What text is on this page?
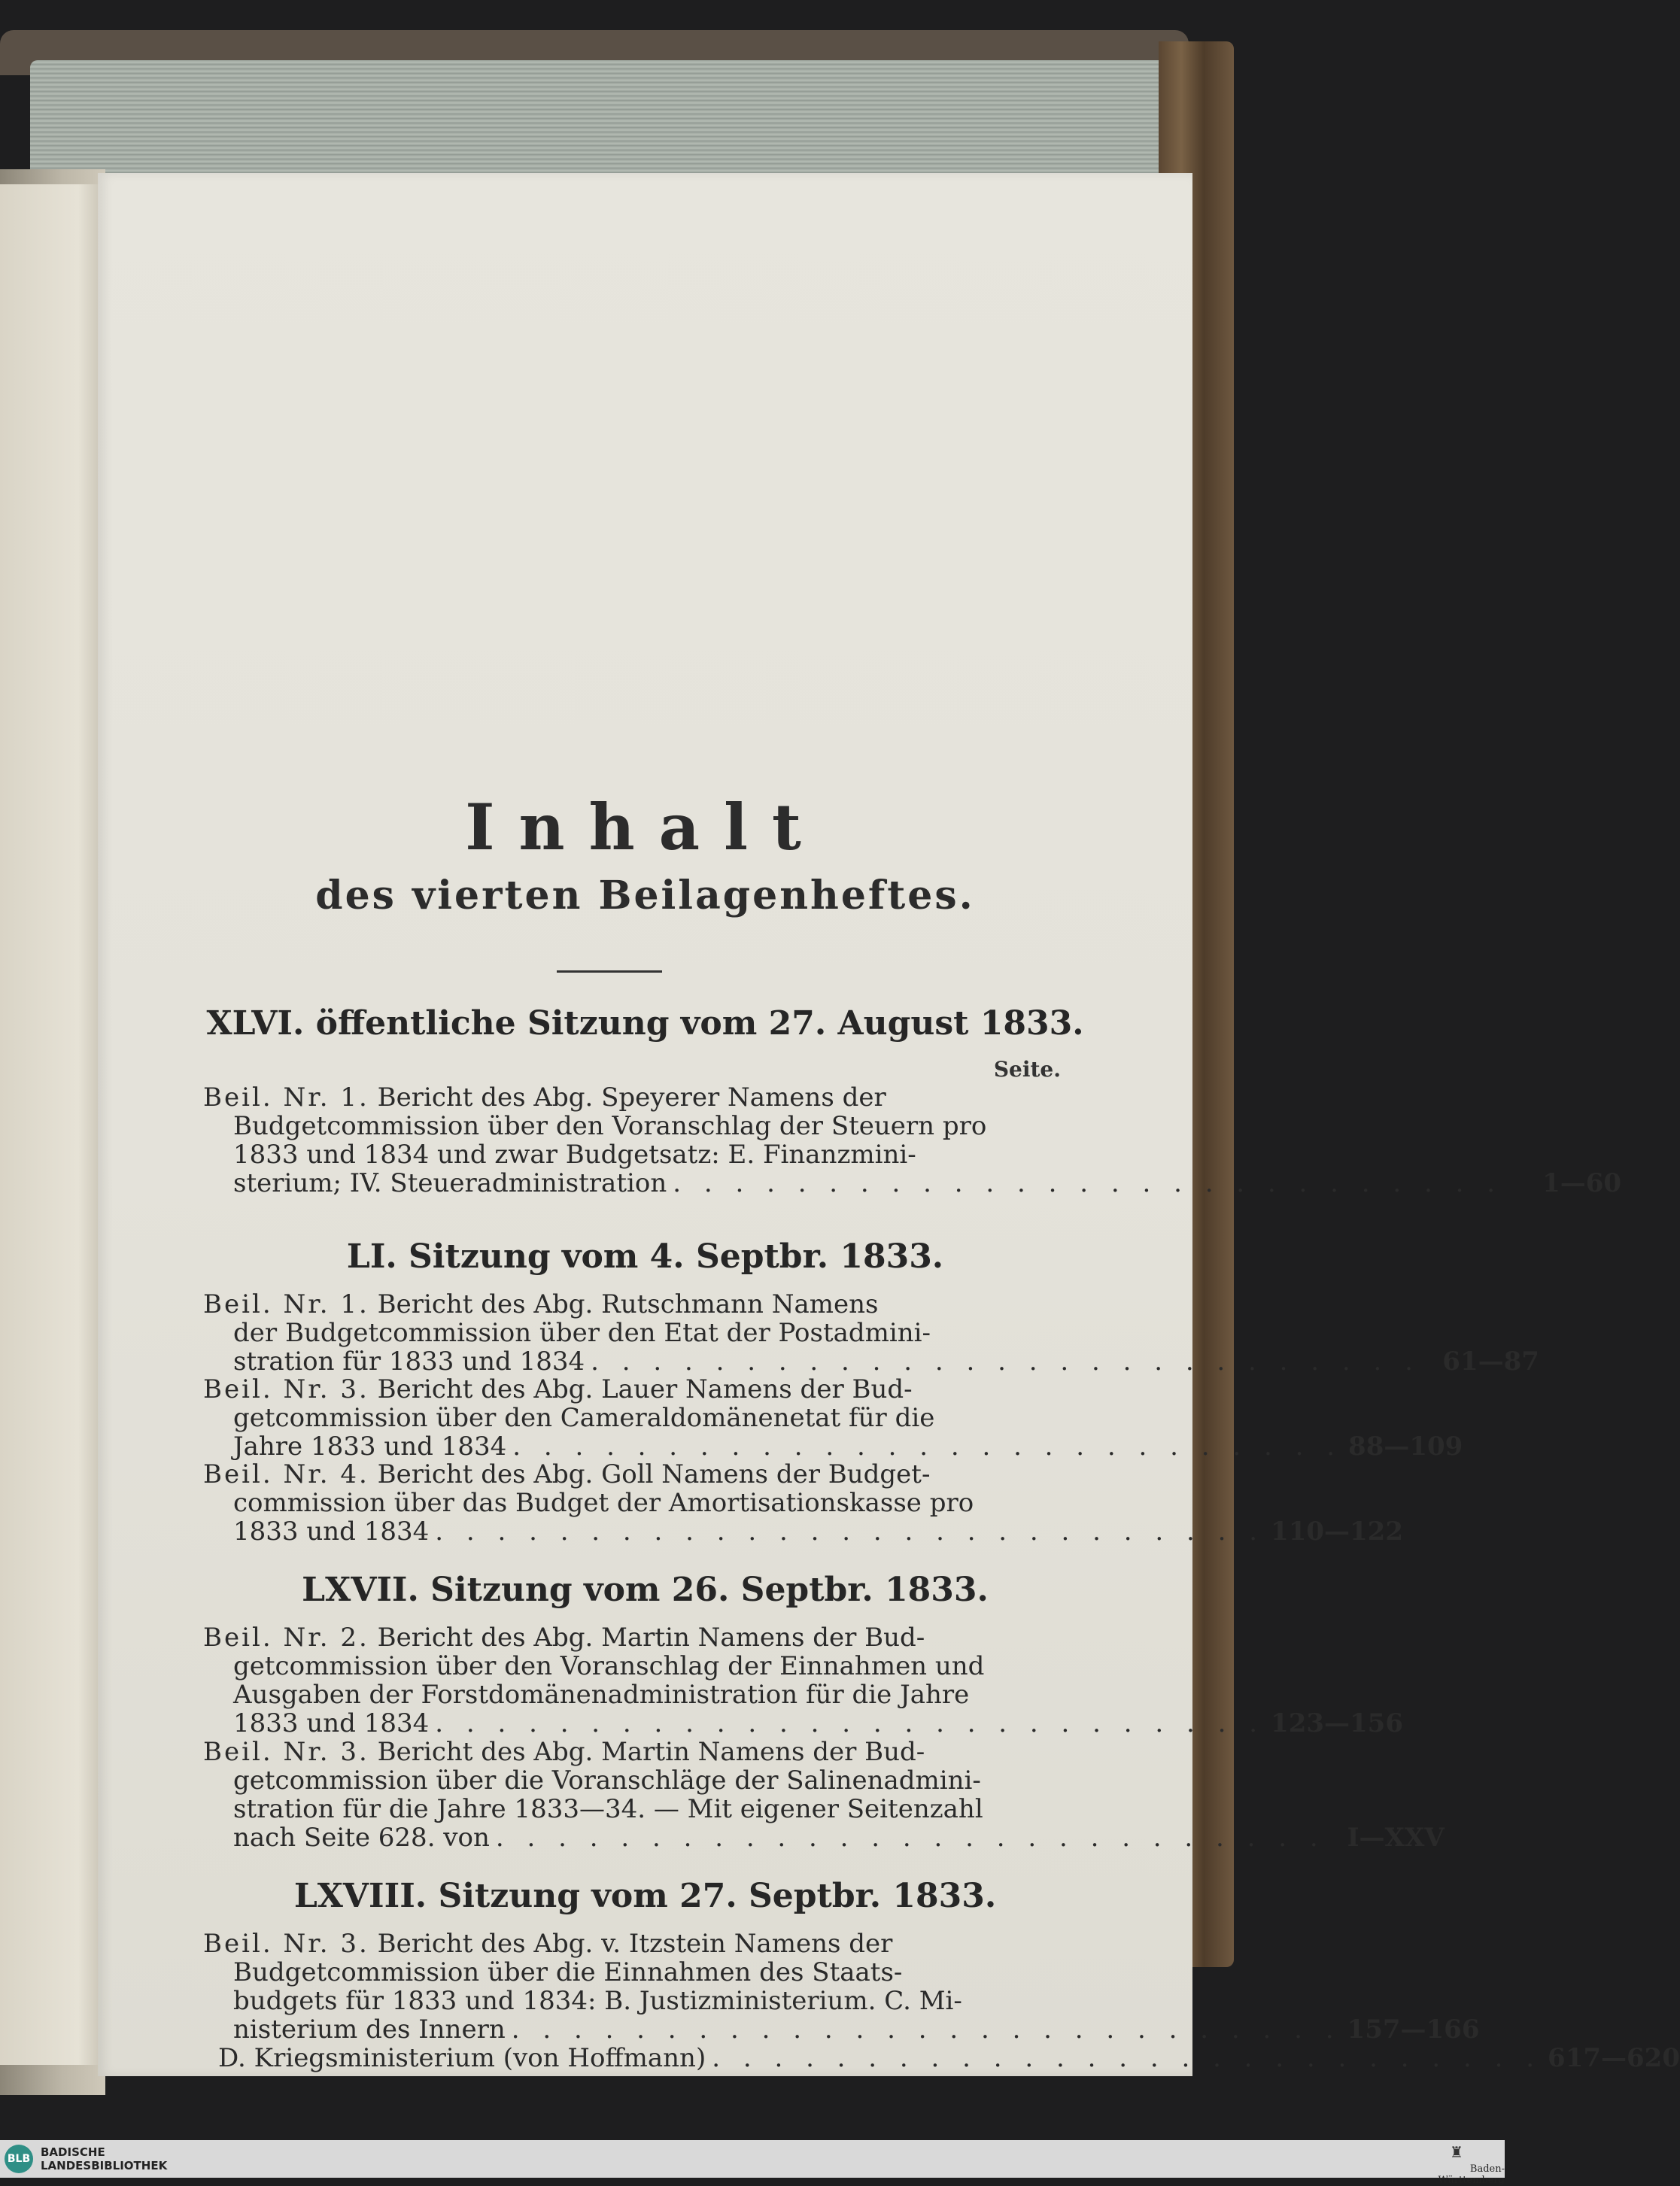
Inhalt
des vierten Beilagenheftes.
XLVI. öffentliche Sitzung vom 27. August 1833.
Seite.
Beil. Nr. 1. Bericht des Abg. Speyerer Namens der
Budgetcommission über den Voranschlag der Steuern pro
1833 und 1834 und zwar Budgetsatz: E. Finanzmini-
sterium; IV. Steueradministration . . . . . . . . . . . . . . . . . . . . . . . . . . .	1—60
LI. Sitzung vom 4. Septbr. 1833.
Beil. Nr. 1. Bericht des Abg. Rutschmann Namens
der Budgetcommission über den Etat der Postadmini-
stration für 1833 und 1834 . . . . . . . . . . . . . . . . . . . . . . . . . . . 61—87
Beil. Nr. 3. Bericht des Abg. Lauer Namens der Bud-
getcommission über den Cameraldomänenetat für die
Jahre 1833 und 1834 . . . . . . . . . . . . . . . . . . . . . . . . . . . 88—109
Beil. Nr. 4. Bericht des Abg. Goll Namens der Budget-
commission über das Budget der Amortisationskasse pro
1833 und 1834 . . . . . . . . . . . . . . . . . . . . . . . . . . . 110—122
LXVII. Sitzung vom 26. Septbr. 1833.
Beil. Nr. 2. Bericht des Abg. Martin Namens der Bud-
getcommission über den Voranschlag der Einnahmen und
Ausgaben der Forstdomänenadministration für die Jahre
1833 und 1834 . . . . . . . . . . . . . . . . . . . . . . . . . . . 123—156
Beil. Nr. 3. Bericht des Abg. Martin Namens der Bud-
getcommission über die Voranschläge der Salinenadmini-
stration für die Jahre 1833—34. — Mit eigener Seitenzahl
nach Seite 628. von . . . . . . . . . . . . . . . . . . . . . . . . . . . I—XXV
LXVIII. Sitzung vom 27. Septbr. 1833.
Beil. Nr. 3. Bericht des Abg. v. Itzstein Namens der
Budgetcommission über die Einnahmen des Staats-
budgets für 1833 und 1834: B. Justizministerium. C. Mi-
nisterium des Innern . . . . . . . . . . . . . . . . . . . . . . . . . . . 157—166
D. Kriegsministerium (von Hoffmann) . . . . . . . . . . . . . . . . . . . . . . . . . . . 617—620
BLB BADISCHE
LANDESBIBLIOTHEK
♜
Baden-Württemberg
